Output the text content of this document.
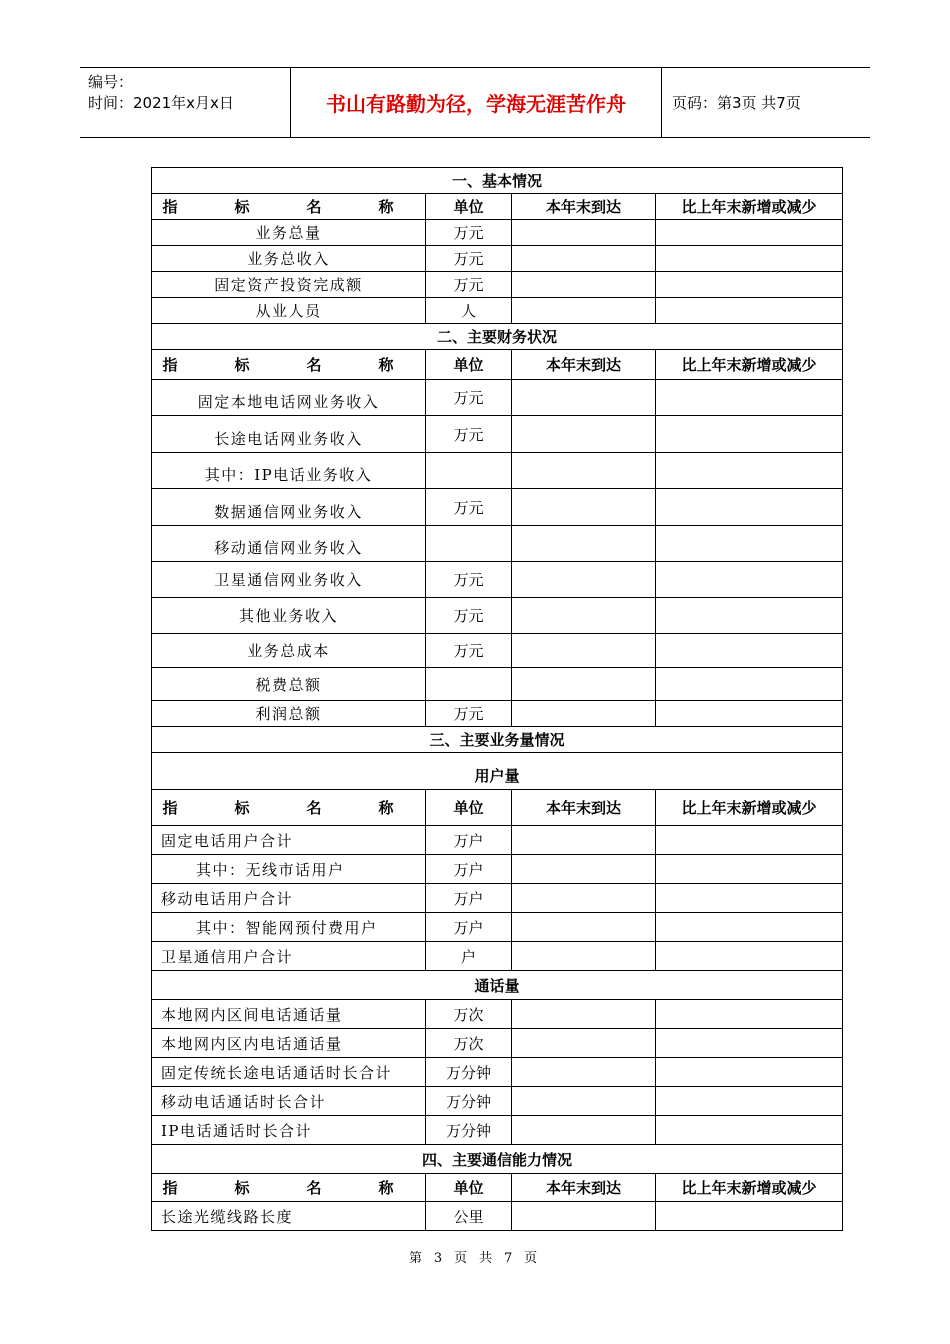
编号：
时间：2021年x月x日	书山有路勤为径，学海无涯苦作舟	页码：第3页 共7页
一、基本情况			
指　标　名　称	单位	本年末到达	比上年末新增或减少
业务总量	万元		
业务总收入	万元		
固定资产投资完成额	万元		
从业人员	人		
二、主要财务状况			
指　标　名　称	单位	本年末到达	比上年末新增或减少
固定本地电话网业务收入	万元		
长途电话网业务收入	万元		
其中：IP电话业务收入			
数据通信网业务收入	万元		
移动通信网业务收入			
卫星通信网业务收入	万元		
其他业务收入	万元		
业务总成本	万元		
税费总额			
利润总额	万元		
三、主要业务量情况			
用户量			
指　标　名　称	单位	本年末到达	比上年末新增或减少
固定电话用户合计	万户		
其中：无线市话用户	万户		
移动电话用户合计	万户		
其中：智能网预付费用户	万户		
卫星通信用户合计	户		
通话量			
本地网内区间电话通话量	万次		
本地网内区内电话通话量	万次		
固定传统长途电话通话时长合计	万分钟		
移动电话通话时长合计	万分钟		
IP电话通话时长合计	万分钟		
四、主要通信能力情况			
指　标　名　称	单位	本年末到达	比上年末新增或减少
长途光缆线路长度	公里		
第 3 页 共 7 页
